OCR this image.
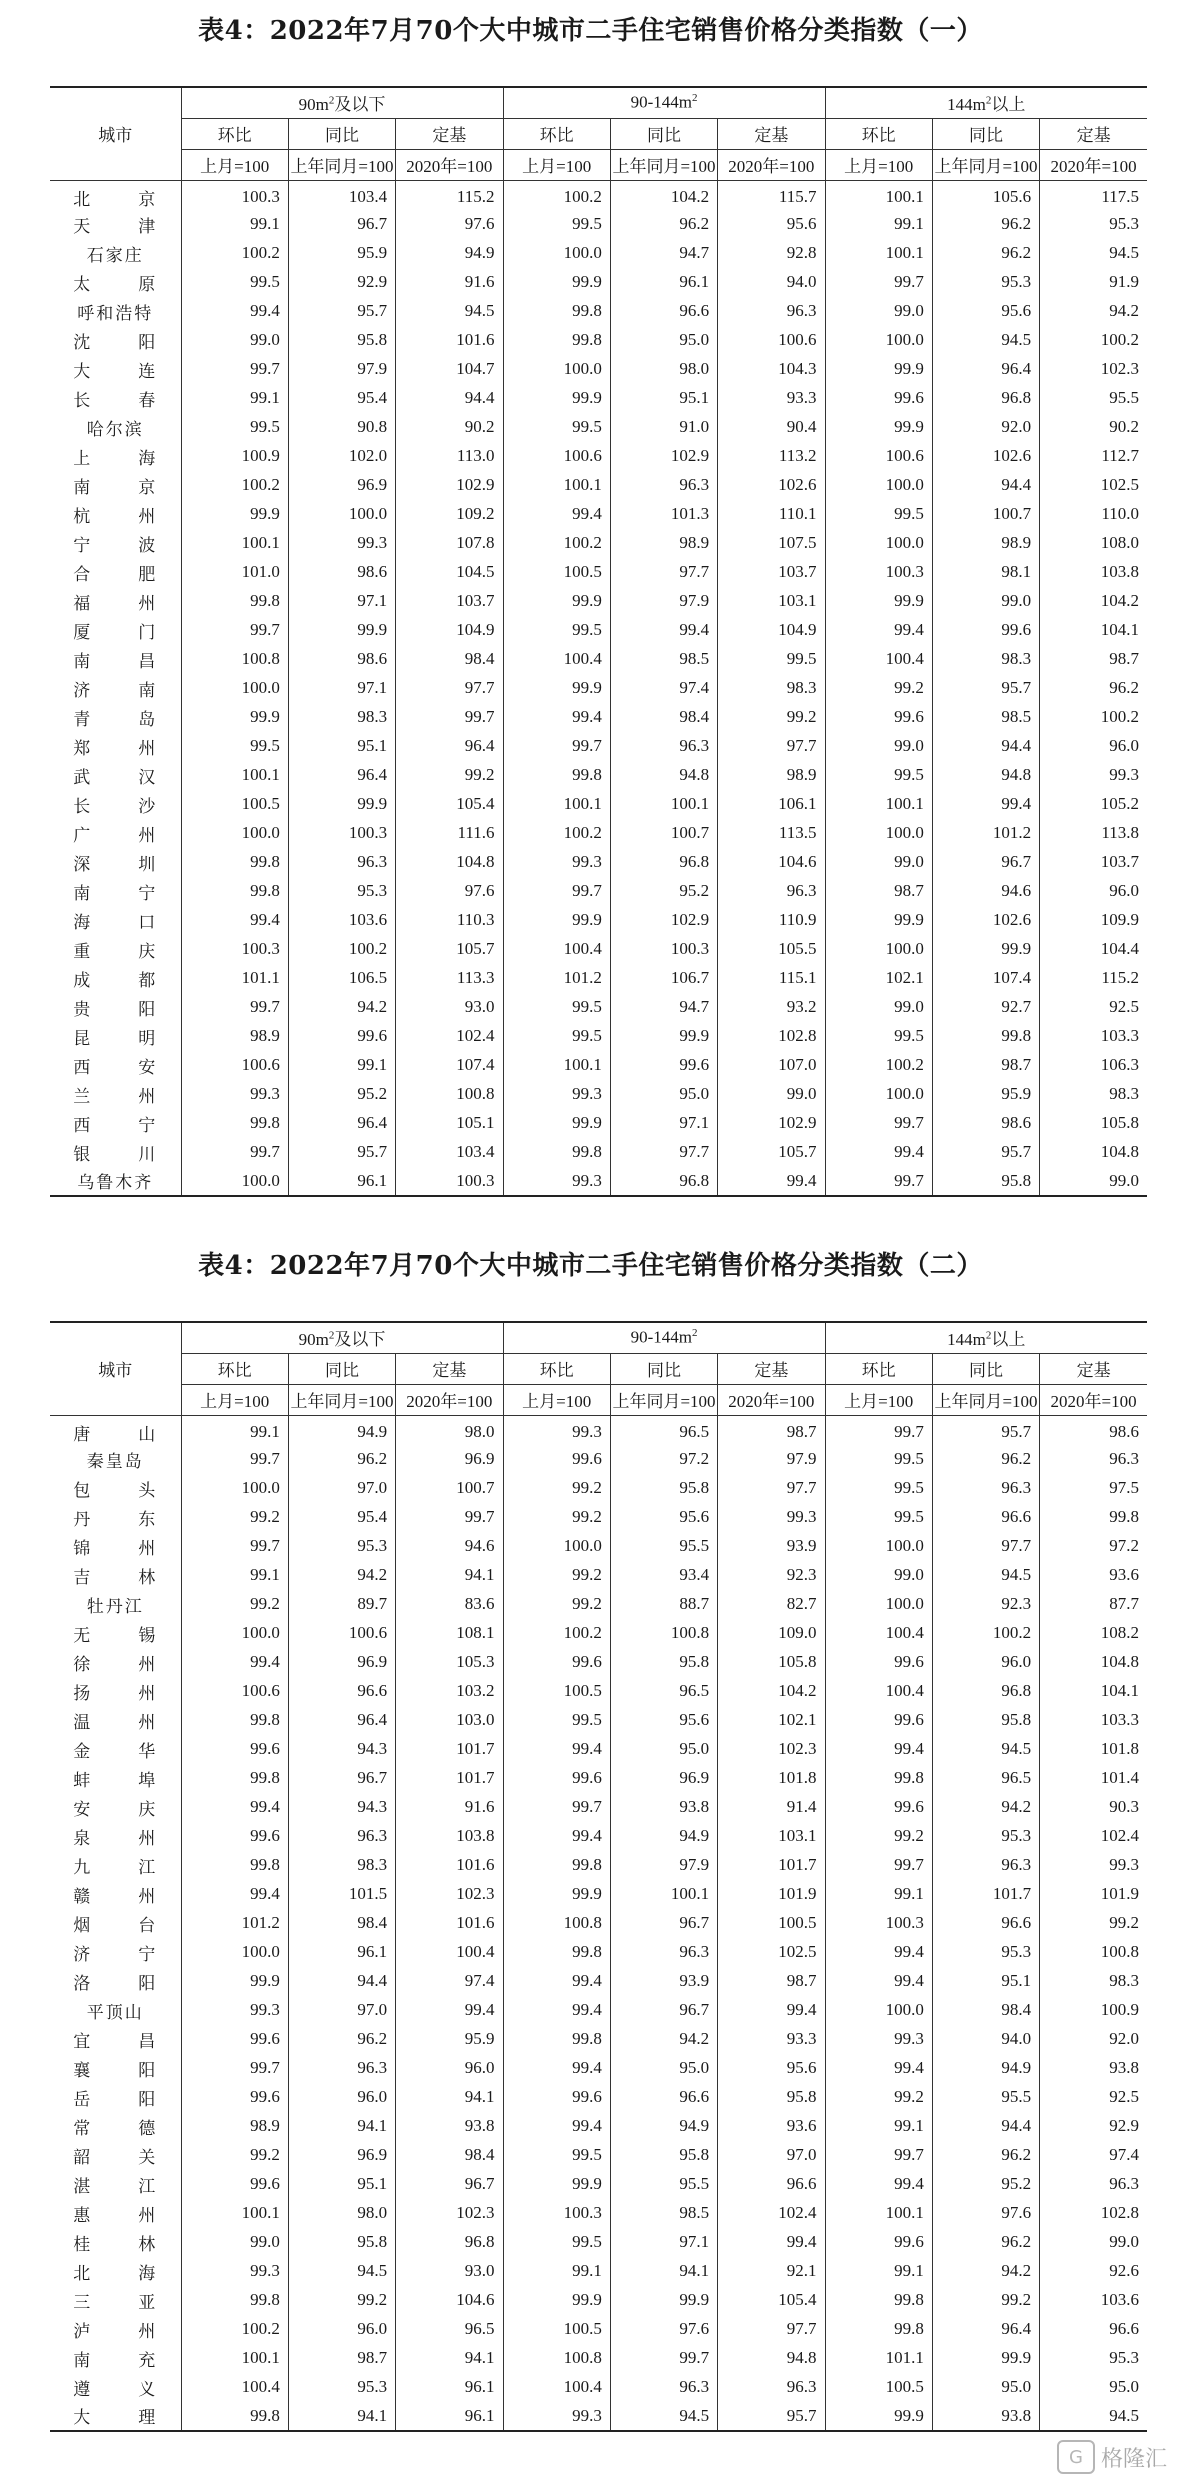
表4：2022年7月70个大中城市二手住宅销售价格分类指数（一）
城市	$90m^2$及以下			$90-144m^2$			$144m^2$以上		
	环比	同比	定基	环比	同比	定基	环比	同比	定基
	上月=100	上年同月=100	2020年=100	上月=100	上年同月=100	2020年=100	上月=100	上年同月=100	2020年=100
北京	100.3	103.4	115.2	100.2	104.2	115.7	100.1	105.6	117.5
天津	99.1	96.7	97.6	99.5	96.2	95.6	99.1	96.2	95.3
石家庄	100.2	95.9	94.9	100.0	94.7	92.8	100.1	96.2	94.5
太原	99.5	92.9	91.6	99.9	96.1	94.0	99.7	95.3	91.9
呼和浩特	99.4	95.7	94.5	99.8	96.6	96.3	99.0	95.6	94.2
沈阳	99.0	95.8	101.6	99.8	95.0	100.6	100.0	94.5	100.2
大连	99.7	97.9	104.7	100.0	98.0	104.3	99.9	96.4	102.3
长春	99.1	95.4	94.4	99.9	95.1	93.3	99.6	96.8	95.5
哈尔滨	99.5	90.8	90.2	99.5	91.0	90.4	99.9	92.0	90.2
上海	100.9	102.0	113.0	100.6	102.9	113.2	100.6	102.6	112.7
南京	100.2	96.9	102.9	100.1	96.3	102.6	100.0	94.4	102.5
杭州	99.9	100.0	109.2	99.4	101.3	110.1	99.5	100.7	110.0
宁波	100.1	99.3	107.8	100.2	98.9	107.5	100.0	98.9	108.0
合肥	101.0	98.6	104.5	100.5	97.7	103.7	100.3	98.1	103.8
福州	99.8	97.1	103.7	99.9	97.9	103.1	99.9	99.0	104.2
厦门	99.7	99.9	104.9	99.5	99.4	104.9	99.4	99.6	104.1
南昌	100.8	98.6	98.4	100.4	98.5	99.5	100.4	98.3	98.7
济南	100.0	97.1	97.7	99.9	97.4	98.3	99.2	95.7	96.2
青岛	99.9	98.3	99.7	99.4	98.4	99.2	99.6	98.5	100.2
郑州	99.5	95.1	96.4	99.7	96.3	97.7	99.0	94.4	96.0
武汉	100.1	96.4	99.2	99.8	94.8	98.9	99.5	94.8	99.3
长沙	100.5	99.9	105.4	100.1	100.1	106.1	100.1	99.4	105.2
广州	100.0	100.3	111.6	100.2	100.7	113.5	100.0	101.2	113.8
深圳	99.8	96.3	104.8	99.3	96.8	104.6	99.0	96.7	103.7
南宁	99.8	95.3	97.6	99.7	95.2	96.3	98.7	94.6	96.0
海口	99.4	103.6	110.3	99.9	102.9	110.9	99.9	102.6	109.9
重庆	100.3	100.2	105.7	100.4	100.3	105.5	100.0	99.9	104.4
成都	101.1	106.5	113.3	101.2	106.7	115.1	102.1	107.4	115.2
贵阳	99.7	94.2	93.0	99.5	94.7	93.2	99.0	92.7	92.5
昆明	98.9	99.6	102.4	99.5	99.9	102.8	99.5	99.8	103.3
西安	100.6	99.1	107.4	100.1	99.6	107.0	100.2	98.7	106.3
兰州	99.3	95.2	100.8	99.3	95.0	99.0	100.0	95.9	98.3
西宁	99.8	96.4	105.1	99.9	97.1	102.9	99.7	98.6	105.8
银川	99.7	95.7	103.4	99.8	97.7	105.7	99.4	95.7	104.8
乌鲁木齐	100.0	96.1	100.3	99.3	96.8	99.4	99.7	95.8	99.0
表4：2022年7月70个大中城市二手住宅销售价格分类指数（二）
城市	$90m^2$及以下			$90-144m^2$			$144m^2$以上		
	环比	同比	定基	环比	同比	定基	环比	同比	定基
	上月=100	上年同月=100	2020年=100	上月=100	上年同月=100	2020年=100	上月=100	上年同月=100	2020年=100
唐山	99.1	94.9	98.0	99.3	96.5	98.7	99.7	95.7	98.6
秦皇岛	99.7	96.2	96.9	99.6	97.2	97.9	99.5	96.2	96.3
包头	100.0	97.0	100.7	99.2	95.8	97.7	99.5	96.3	97.5
丹东	99.2	95.4	99.7	99.2	95.6	99.3	99.5	96.6	99.8
锦州	99.7	95.3	94.6	100.0	95.5	93.9	100.0	97.7	97.2
吉林	99.1	94.2	94.1	99.2	93.4	92.3	99.0	94.5	93.6
牡丹江	99.2	89.7	83.6	99.2	88.7	82.7	100.0	92.3	87.7
无锡	100.0	100.6	108.1	100.2	100.8	109.0	100.4	100.2	108.2
徐州	99.4	96.9	105.3	99.6	95.8	105.8	99.6	96.0	104.8
扬州	100.6	96.6	103.2	100.5	96.5	104.2	100.4	96.8	104.1
温州	99.8	96.4	103.0	99.5	95.6	102.1	99.6	95.8	103.3
金华	99.6	94.3	101.7	99.4	95.0	102.3	99.4	94.5	101.8
蚌埠	99.8	96.7	101.7	99.6	96.9	101.8	99.8	96.5	101.4
安庆	99.4	94.3	91.6	99.7	93.8	91.4	99.6	94.2	90.3
泉州	99.6	96.3	103.8	99.4	94.9	103.1	99.2	95.3	102.4
九江	99.8	98.3	101.6	99.8	97.9	101.7	99.7	96.3	99.3
赣州	99.4	101.5	102.3	99.9	100.1	101.9	99.1	101.7	101.9
烟台	101.2	98.4	101.6	100.8	96.7	100.5	100.3	96.6	99.2
济宁	100.0	96.1	100.4	99.8	96.3	102.5	99.4	95.3	100.8
洛阳	99.9	94.4	97.4	99.4	93.9	98.7	99.4	95.1	98.3
平顶山	99.3	97.0	99.4	99.4	96.7	99.4	100.0	98.4	100.9
宜昌	99.6	96.2	95.9	99.8	94.2	93.3	99.3	94.0	92.0
襄阳	99.7	96.3	96.0	99.4	95.0	95.6	99.4	94.9	93.8
岳阳	99.6	96.0	94.1	99.6	96.6	95.8	99.2	95.5	92.5
常德	98.9	94.1	93.8	99.4	94.9	93.6	99.1	94.4	92.9
韶关	99.2	96.9	98.4	99.5	95.8	97.0	99.7	96.2	97.4
湛江	99.6	95.1	96.7	99.9	95.5	96.6	99.4	95.2	96.3
惠州	100.1	98.0	102.3	100.3	98.5	102.4	100.1	97.6	102.8
桂林	99.0	95.8	96.8	99.5	97.1	99.4	99.6	96.2	99.0
北海	99.3	94.5	93.0	99.1	94.1	92.1	99.1	94.2	92.6
三亚	99.8	99.2	104.6	99.9	99.9	105.4	99.8	99.2	103.6
泸州	100.2	96.0	96.5	100.5	97.6	97.7	99.8	96.4	96.6
南充	100.1	98.7	94.1	100.8	99.7	94.8	101.1	99.9	95.3
遵义	100.4	95.3	96.1	100.4	96.3	96.3	100.5	95.0	95.0
大理	99.8	94.1	96.1	99.3	94.5	95.7	99.9	93.8	94.5
G 格隆汇
